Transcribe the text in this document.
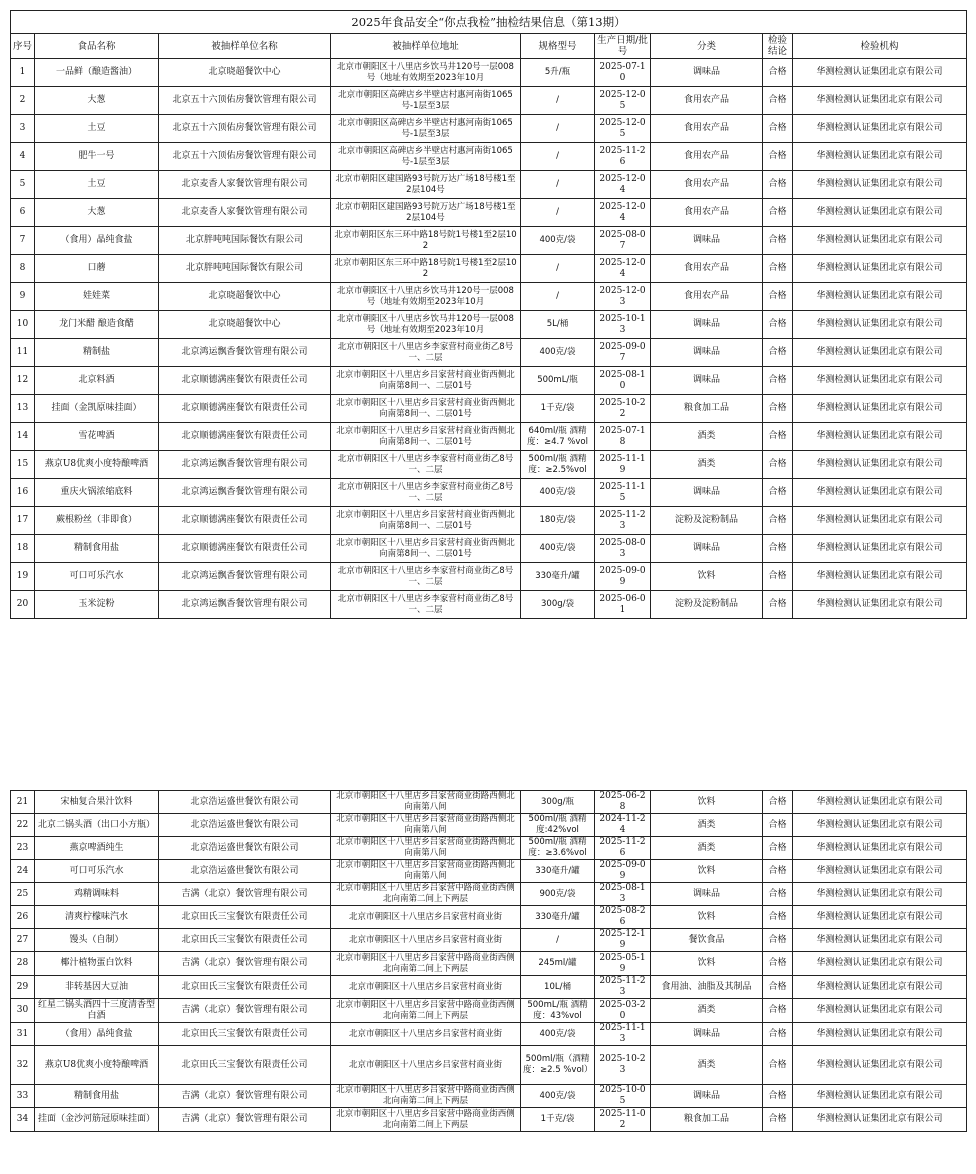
2025年食品安全“你点我检”抽检结果信息（第13期）								
序号	食品名称	被抽样单位名称	被抽样单位地址	规格型号	生产日期/批号	分类	检验结论	检验机构
1	一品鲜（酿造酱油）	北京晓超餐饮中心	北京市朝阳区十八里店乡饮马井120号一层008号（地址有效期至2023年10月	5升/瓶	2025-07-10	调味品	合格	华测检测认证集团北京有限公司
2	大葱	北京五十六顶佑房餐饮管理有限公司	北京市朝阳区高碑店乡半壁店村惠河南街1065号-1层至3层	/	2025-12-05	食用农产品	合格	华测检测认证集团北京有限公司
3	土豆	北京五十六顶佑房餐饮管理有限公司	北京市朝阳区高碑店乡半壁店村惠河南街1065号-1层至3层	/	2025-12-05	食用农产品	合格	华测检测认证集团北京有限公司
4	肥牛一号	北京五十六顶佑房餐饮管理有限公司	北京市朝阳区高碑店乡半壁店村惠河南街1065号-1层至3层	/	2025-11-26	食用农产品	合格	华测检测认证集团北京有限公司
5	土豆	北京麦香人家餐饮管理有限公司	北京市朝阳区建国路93号院万达广场18号楼1至2层104号	/	2025-12-04	食用农产品	合格	华测检测认证集团北京有限公司
6	大葱	北京麦香人家餐饮管理有限公司	北京市朝阳区建国路93号院万达广场18号楼1至2层104号	/	2025-12-04	食用农产品	合格	华测检测认证集团北京有限公司
7	（食用）晶纯食盐	北京胖吨吨国际餐饮有限公司	北京市朝阳区东三环中路18号院1号楼1至2层102	400克/袋	2025-08-07	调味品	合格	华测检测认证集团北京有限公司
8	口蘑	北京胖吨吨国际餐饮有限公司	北京市朝阳区东三环中路18号院1号楼1至2层102	/	2025-12-04	食用农产品	合格	华测检测认证集团北京有限公司
9	娃娃菜	北京晓超餐饮中心	北京市朝阳区十八里店乡饮马井120号一层008号（地址有效期至2023年10月	/	2025-12-03	食用农产品	合格	华测检测认证集团北京有限公司
10	龙门米醋 酿造食醋	北京晓超餐饮中心	北京市朝阳区十八里店乡饮马井120号一层008号（地址有效期至2023年10月	5L/桶	2025-10-13	调味品	合格	华测检测认证集团北京有限公司
11	精制盐	北京鸿运飘香餐饮管理有限公司	北京市朝阳区十八里店乡李家营村商业街乙8号一、二层	400克/袋	2025-09-07	调味品	合格	华测检测认证集团北京有限公司
12	北京料酒	北京顺德满座餐饮有限责任公司	北京市朝阳区十八里店乡吕家营村商业街西侧北向南第8间一、二层01号	500mL/瓶	2025-08-10	调味品	合格	华测检测认证集团北京有限公司
13	挂面（金凯原味挂面）	北京顺德满座餐饮有限责任公司	北京市朝阳区十八里店乡吕家营村商业街西侧北向南第8间一、二层01号	1千克/袋	2025-10-22	粮食加工品	合格	华测检测认证集团北京有限公司
14	雪花啤酒	北京顺德满座餐饮有限责任公司	北京市朝阳区十八里店乡吕家营村商业街西侧北向南第8间一、二层01号	640ml/瓶 酒精度：≥4.7 %vol	2025-07-18	酒类	合格	华测检测认证集团北京有限公司
15	燕京U8优爽小度特酿啤酒	北京鸿运飘香餐饮管理有限公司	北京市朝阳区十八里店乡李家营村商业街乙8号一、二层	500ml/瓶 酒精度：≥2.5%vol	2025-11-19	酒类	合格	华测检测认证集团北京有限公司
16	重庆火锅浓缩底料	北京鸿运飘香餐饮管理有限公司	北京市朝阳区十八里店乡李家营村商业街乙8号一、二层	400克/袋	2025-11-15	调味品	合格	华测检测认证集团北京有限公司
17	蕨根粉丝（非即食）	北京顺德满座餐饮有限责任公司	北京市朝阳区十八里店乡吕家营村商业街西侧北向南第8间一、二层01号	180克/袋	2025-11-23	淀粉及淀粉制品	合格	华测检测认证集团北京有限公司
18	精制食用盐	北京顺德满座餐饮有限责任公司	北京市朝阳区十八里店乡吕家营村商业街西侧北向南第8间一、二层01号	400克/袋	2025-08-03	调味品	合格	华测检测认证集团北京有限公司
19	可口可乐汽水	北京鸿运飘香餐饮管理有限公司	北京市朝阳区十八里店乡李家营村商业街乙8号一、二层	330毫升/罐	2025-09-09	饮料	合格	华测检测认证集团北京有限公司
20	玉米淀粉	北京鸿运飘香餐饮管理有限公司	北京市朝阳区十八里店乡李家营村商业街乙8号一、二层	300g/袋	2025-06-01	淀粉及淀粉制品	合格	华测检测认证集团北京有限公司
21	宋柚复合果汁饮料	北京浩运盛世餐饮有限公司	北京市朝阳区十八里店乡吕家营商业街路西侧北向南第八间	300g/瓶	2025-06-28	饮料	合格	华测检测认证集团北京有限公司
22	北京二锅头酒（出口小方瓶）	北京浩运盛世餐饮有限公司	北京市朝阳区十八里店乡吕家营商业街路西侧北向南第八间	500ml/瓶 酒精度:42%vol	2024-11-24	酒类	合格	华测检测认证集团北京有限公司
23	燕京啤酒纯生	北京浩运盛世餐饮有限公司	北京市朝阳区十八里店乡吕家营商业街路西侧北向南第八间	500ml/瓶 酒精度：≥3.6%vol	2025-11-26	酒类	合格	华测检测认证集团北京有限公司
24	可口可乐汽水	北京浩运盛世餐饮有限公司	北京市朝阳区十八里店乡吕家营商业街路西侧北向南第八间	330毫升/罐	2025-09-09	饮料	合格	华测检测认证集团北京有限公司
25	鸡精调味料	吉满（北京）餐饮管理有限公司	北京市朝阳区十八里店乡吕家营中路商业街西侧北向南第二间上下两层	900克/袋	2025-08-13	调味品	合格	华测检测认证集团北京有限公司
26	清爽柠檬味汽水	北京田氏三宝餐饮有限责任公司	北京市朝阳区十八里店乡吕家营村商业街	330毫升/罐	2025-08-26	饮料	合格	华测检测认证集团北京有限公司
27	馒头（自制）	北京田氏三宝餐饮有限责任公司	北京市朝阳区十八里店乡吕家营村商业街	/	2025-12-19	餐饮食品	合格	华测检测认证集团北京有限公司
28	椰汁植物蛋白饮料	吉满（北京）餐饮管理有限公司	北京市朝阳区十八里店乡吕家营中路商业街西侧北向南第二间上下两层	245ml/罐	2025-05-19	饮料	合格	华测检测认证集团北京有限公司
29	非转基因大豆油	北京田氏三宝餐饮有限责任公司	北京市朝阳区十八里店乡吕家营村商业街	10L/桶	2025-11-23	食用油、油脂及其制品	合格	华测检测认证集团北京有限公司
30	红星二锅头酒四十三度清香型白酒	吉满（北京）餐饮管理有限公司	北京市朝阳区十八里店乡吕家营中路商业街西侧北向南第二间上下两层	500mL/瓶 酒精度：43%vol	2025-03-20	酒类	合格	华测检测认证集团北京有限公司
31	（食用）晶纯食盐	北京田氏三宝餐饮有限责任公司	北京市朝阳区十八里店乡吕家营村商业街	400克/袋	2025-11-13	调味品	合格	华测检测认证集团北京有限公司
32	燕京U8优爽小度特酿啤酒	北京田氏三宝餐饮有限责任公司	北京市朝阳区十八里店乡吕家营村商业街	500ml/瓶（酒精度：≥2.5 %vol）	2025-10-23	酒类	合格	华测检测认证集团北京有限公司
33	精制食用盐	吉满（北京）餐饮管理有限公司	北京市朝阳区十八里店乡吕家营中路商业街西侧北向南第二间上下两层	400克/袋	2025-10-05	调味品	合格	华测检测认证集团北京有限公司
34	挂面（金沙河筋冠原味挂面）	吉满（北京）餐饮管理有限公司	北京市朝阳区十八里店乡吕家营中路商业街西侧北向南第二间上下两层	1千克/袋	2025-11-02	粮食加工品	合格	华测检测认证集团北京有限公司
